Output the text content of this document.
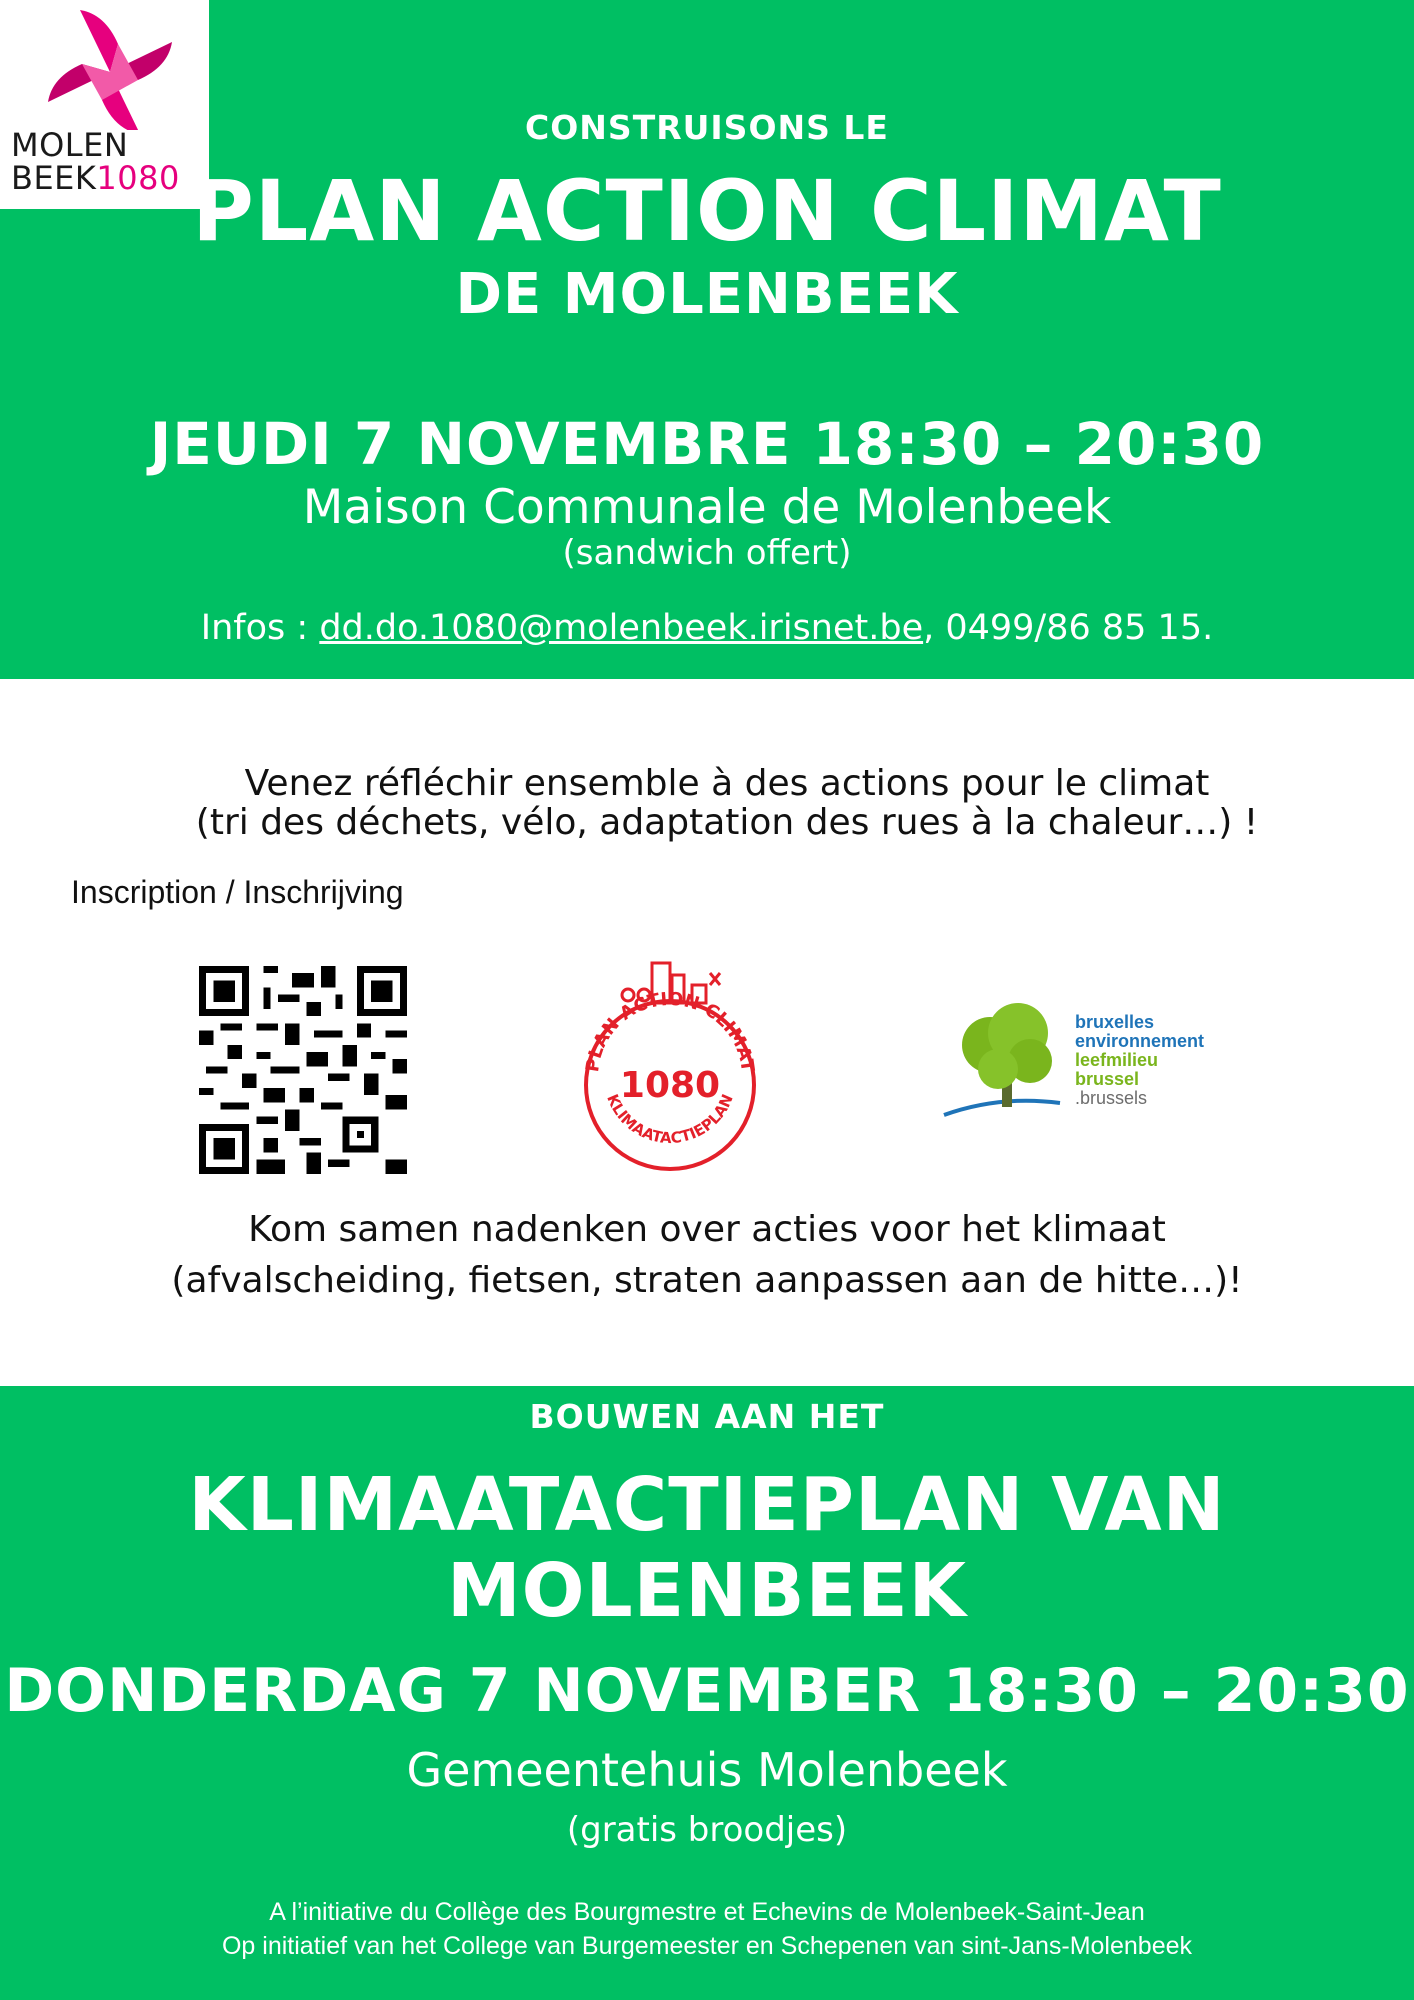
MOLEN
BEEK1080
CONSTRUISONS LE
PLAN ACTION CLIMAT
DE MOLENBEEK
JEUDI 7 NOVEMBRE 18:30 – 20:30
Maison Communale de Molenbeek
(sandwich offert)
Infos : dd.do.1080@molenbeek.irisnet.be, 0499/86 85 15.
Venez réfléchir ensemble à des actions pour le climat
(tri des déchets, vélo, adaptation des rues à la chaleur…) !
Inscription / Inschrijving
PLAN ACTION CLIMAT
1080
KLIMAATACTIEPLAN
bruxelles
environnement
leefmilieu
brussel
.brussels
Kom samen nadenken over acties voor het klimaat
(afvalscheiding, fietsen, straten aanpassen aan de hitte…)!
BOUWEN AAN HET
KLIMAATACTIEPLAN VAN MOLENBEEK
DONDERDAG 7 NOVEMBER 18:30 – 20:30
Gemeentehuis Molenbeek
(gratis broodjes)
A l’initiative du Collège des Bourgmestre et Echevins de Molenbeek-Saint-Jean
Op initiatief van het College van Burgemeester en Schepenen van sint-Jans-Molenbeek
